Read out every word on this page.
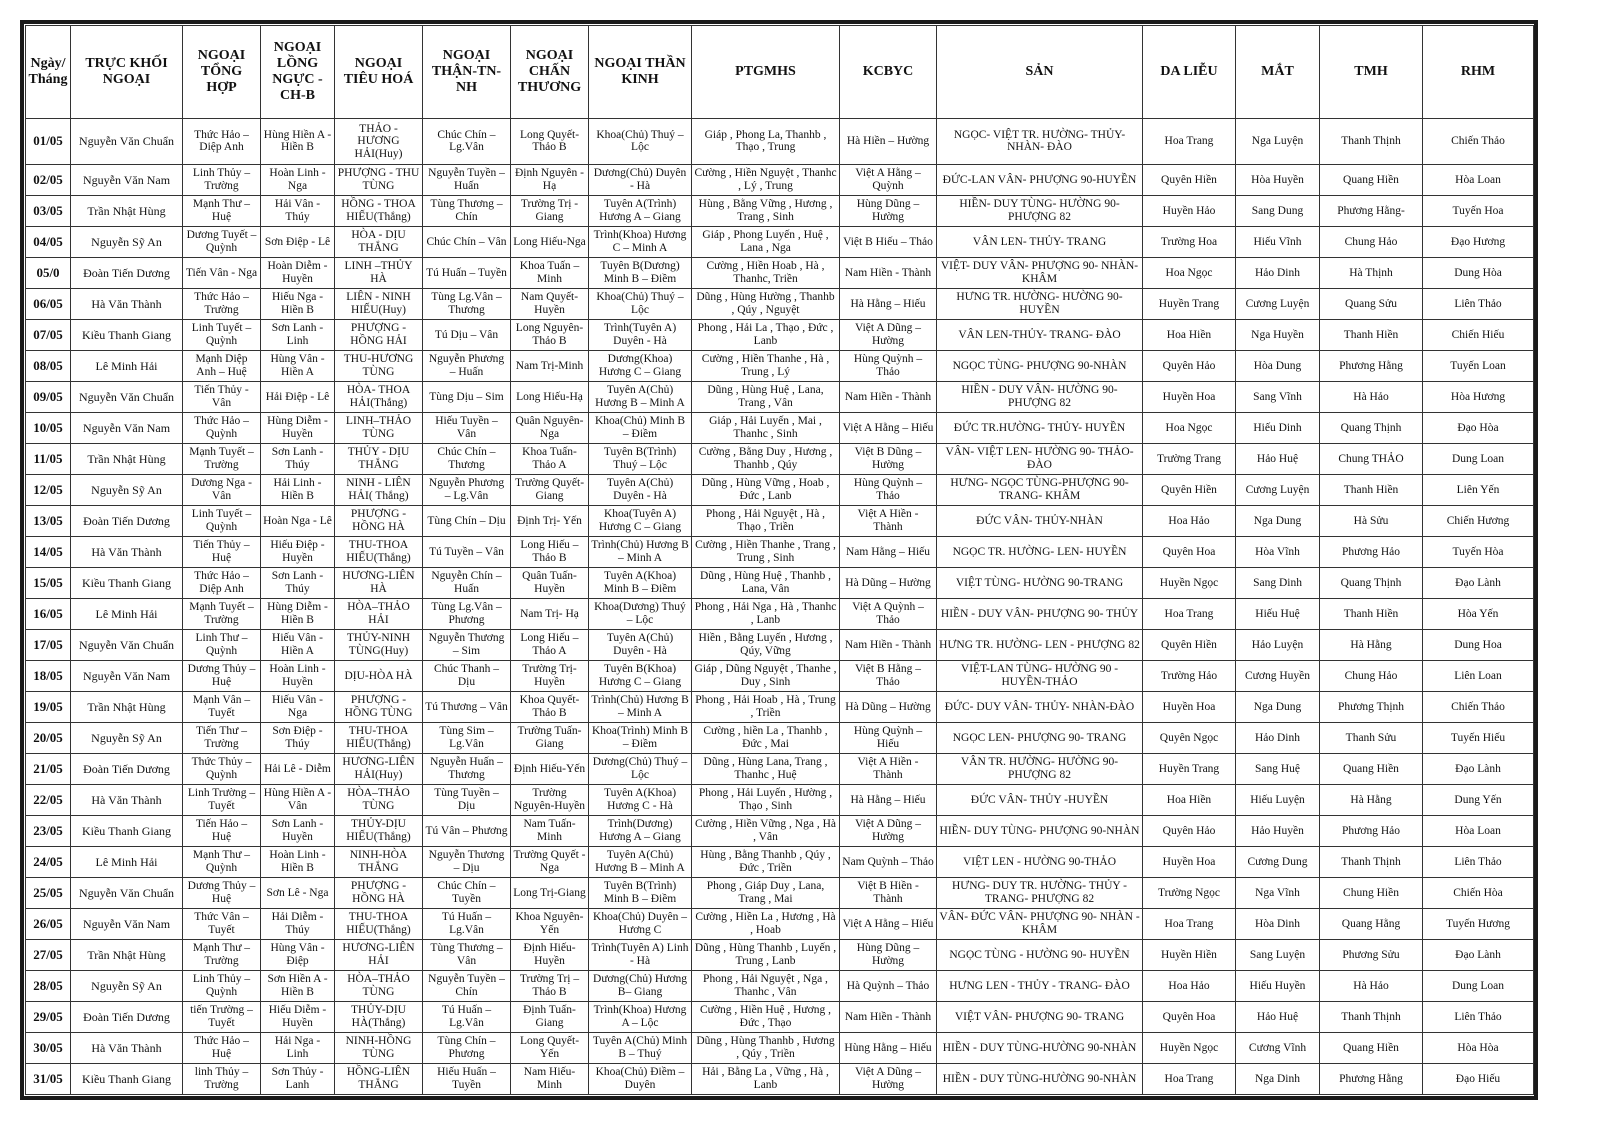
Ngày/ Tháng	TRỰC KHỐI NGOẠI	NGOẠI TỔNG HỢP	NGOẠI LỒNG NGỰC -CH-B	NGOẠI TIÊU HOÁ	NGOẠI THẬN-TN-NH	NGOẠI CHẤN THƯƠNG	NGOẠI THẦN KINH	PTGMHS	KCBYC	SẢN	DA LIỄU	MẮT	TMH	RHM
01/05	Nguyễn Văn Chuẩn	Thức Hảo – Diệp Anh	Hùng Hiền A - Hiền B	THẢO - HƯƠNG HẢI(Huy)	Chúc Chín – Lg.Vân	Long Quyết-Thảo B	Khoa(Chủ) Thuý – Lộc	Giáp , Phong La, Thanhb , Thạo , Trung	Hà Hiền – Hường	NGỌC- VIỆT TR. HƯỜNG- THỦY- NHÀN- ĐÀO	Hoa Trang	Nga Luyện	Thanh Thịnh	Chiến Thảo
02/05	Nguyễn Văn Nam	Linh Thủy – Trường	Hoàn Linh - Nga	PHƯỢNG - THU TÙNG	Nguyễn Tuyền – Huấn	Định Nguyên -Hạ	Dương(Chủ) Duyên - Hà	Cường , Hiền Nguyệt , Thanhc , Lý , Trung	Việt A Hằng – Quỳnh	ĐỨC-LAN VÂN- PHƯỢNG 90-HUYỀN	Quyên Hiền	Hòa Huyền	Quang Hiền	Hòa Loan
03/05	Trần Nhật Hùng	Mạnh Thư – Huệ	Hải Vân - Thúy	HỒNG - THOA HIẾU(Thắng)	Tùng Thương – Chín	Trường Trị -Giang	Tuyên A(Trình) Hương A – Giang	Hùng , Bằng Vững , Hương , Trang , Sinh	Hùng Dũng – Hường	HIỀN- DUY TÙNG- HƯỜNG 90- PHƯỢNG 82	Huyền Hảo	Sang Dung	Phương Hằng-	Tuyến Hoa
04/05	Nguyễn Sỹ An	Dương Tuyết – Quỳnh	Sơn Điệp - Lê	HÒA - DỊU THẮNG	Chúc Chín – Vân	Long Hiếu-Nga	Trình(Khoa) Hương C – Minh A	Giáp , Phong Luyến , Huệ , Lana , Nga	Việt B Hiếu – Thảo	VÂN LEN- THỦY- TRANG	Trường Hoa	Hiếu Vĩnh	Chung Hảo	Đạo Hương
05/0	Đoàn Tiến Dương	Tiến Vân - Nga	Hoàn Diễm - Huyền	LINH –THỦY HÀ	Tú Huấn – Tuyền	Khoa Tuấn – Minh	Tuyên B(Dương) Minh B – Điềm	Cường , Hiền Hoab , Hà , Thanhc, Triền	Nam Hiền - Thành	VIỆT- DUY VÂN- PHƯỢNG 90- NHÀN- KHÂM	Hoa Ngọc	Hảo Dinh	Hà Thịnh	Dung Hòa
06/05	Hà Văn Thành	Thức Hảo – Trường	Hiếu Nga - Hiền B	LIÊN - NINH HIẾU(Huy)	Tùng Lg.Vân – Thương	Nam Quyết-Huyền	Khoa(Chủ) Thuý – Lộc	Dũng , Hùng Hường , Thanhb , Qúy , Nguyệt	Hà Hằng – Hiếu	HƯNG TR. HƯỜNG- HƯỜNG 90-HUYỀN	Huyền Trang	Cương Luyện	Quang Sửu	Liên Thảo
07/05	Kiều Thanh Giang	Linh Tuyết – Quỳnh	Sơn Lanh - Linh	PHƯỢNG - HỒNG HẢI	Tú Dịu – Vân	Long Nguyên-Thảo B	Trình(Tuyên A) Duyên - Hà	Phong , Hải La , Thạo , Đức , Lanb	Việt A Dũng – Hường	VÂN LEN-THỦY- TRANG- ĐÀO	Hoa Hiền	Nga Huyền	Thanh Hiền	Chiến Hiếu
08/05	Lê Minh Hải	Mạnh Diệp Anh – Huệ	Hùng Vân - Hiền A	THU-HƯƠNG TÙNG	Nguyễn Phương – Huấn	Nam Trị-Minh	Dương(Khoa) Hương C – Giang	Cường , Hiền Thanhe , Hà , Trung , Lý	Hùng Quỳnh – Thảo	NGỌC TÙNG- PHƯỢNG 90-NHÀN	Quyên Hảo	Hòa Dung	Phương Hằng	Tuyến Loan
09/05	Nguyễn Văn Chuẩn	Tiến Thủy - Vân	Hải Điệp - Lê	HÒA- THOA HẢI(Thắng)	Tùng Dịu – Sim	Long Hiếu-Hạ	Tuyên A(Chủ) Hương B – Minh A	Dũng , Hùng Huệ , Lana, Trang , Vân	Nam Hiền - Thành	HIỀN - DUY VÂN- HƯỜNG 90- PHƯỢNG 82	Huyền Hoa	Sang Vĩnh	Hà Hảo	Hòa Hương
10/05	Nguyễn Văn Nam	Thức Hảo – Quỳnh	Hùng Diễm - Huyền	LINH–THẢO TÙNG	Hiếu Tuyền – Vân	Quân Nguyên- Nga	Khoa(Chủ) Minh B – Điềm	Giáp , Hải Luyến , Mai , Thanhc , Sinh	Việt A Hằng – Hiếu	ĐỨC TR.HƯỜNG- THỦY- HUYỀN	Hoa Ngọc	Hiếu Dinh	Quang Thịnh	Đạo Hòa
11/05	Trần Nhật Hùng	Mạnh Tuyết – Trường	Sơn Lanh - Thúy	THỦY - DỊU THẮNG	Chúc Chín – Thương	Khoa Tuấn-Thảo A	Tuyên B(Trình) Thuý – Lộc	Cường , Bằng Duy , Hương , Thanhb , Qúy	Việt B Dũng – Hường	VÂN- VIỆT LEN- HƯỜNG 90- THẢO-ĐÀO	Trường Trang	Hảo Huệ	Chung THẢO	Dung Loan
12/05	Nguyễn Sỹ An	Dương Nga - Vân	Hải Linh - Hiền B	NINH - LIÊN HẢI( Thắng)	Nguyễn Phương – Lg.Vân	Trường Quyết- Giang	Tuyên A(Chủ) Duyên - Hà	Dũng , Hùng Vững , Hoab , Đức , Lanb	Hùng Quỳnh – Thảo	HƯNG- NGỌC TÙNG-PHƯỢNG 90-TRANG- KHÂM	Quyên Hiền	Cương Luyện	Thanh Hiền	Liên Yến
13/05	Đoàn Tiến Dương	Linh Tuyết – Quỳnh	Hoàn Nga - Lê	PHƯỢNG - HỒNG HÀ	Tùng Chín – Dịu	Định Trị- Yến	Khoa(Tuyên A) Hương C – Giang	Phong , Hải Nguyệt , Hà , Thạo , Triền	Việt A Hiền - Thành	ĐỨC VÂN- THỦY-NHÀN	Hoa Hảo	Nga Dung	Hà Sửu	Chiến Hương
14/05	Hà Văn Thành	Tiến Thủy – Huệ	Hiếu Điệp - Huyền	THU-THOA HIẾU(Thắng)	Tú Tuyền – Vân	Long Hiếu – Thảo B	Trình(Chủ) Hương B – Minh A	Cường , Hiền Thanhe , Trang , Trung , Sinh	Nam Hằng – Hiếu	NGỌC TR. HƯỜNG- LEN- HUYỀN	Quyên Hoa	Hòa Vĩnh	Phương Hảo	Tuyến Hòa
15/05	Kiều Thanh Giang	Thức Hảo – Diệp Anh	Sơn Lanh - Thúy	HƯƠNG-LIÊN HÀ	Nguyễn Chín – Huấn	Quân Tuấn-Huyền	Tuyên A(Khoa) Minh B – Điềm	Dũng , Hùng Huệ , Thanhb , Lana, Vân	Hà Dũng – Hường	VIỆT TÙNG- HƯỜNG 90-TRANG	Huyền Ngọc	Sang Dinh	Quang Thịnh	Đạo Lành
16/05	Lê Minh Hải	Mạnh Tuyết – Trường	Hùng Diễm - Hiền B	HÒA–THẢO HẢI	Tùng Lg.Vân – Phương	Nam Trị- Hạ	Khoa(Dương) Thuý – Lộc	Phong , Hải Nga , Hà , Thanhc , Lanb	Việt A Quỳnh – Thảo	HIỀN - DUY VÂN- PHƯỢNG 90- THỦY	Hoa Trang	Hiếu Huệ	Thanh Hiền	Hòa Yến
17/05	Nguyễn Văn Chuẩn	Linh Thư – Quỳnh	Hiếu Vân - Hiền A	THỦY-NINH TÙNG(Huy)	Nguyễn Thương – Sim	Long Hiếu – Thảo A	Tuyên A(Chủ) Duyên - Hà	Hiền , Bằng Luyến , Hương , Qúy, Vững	Nam Hiền - Thành	HƯNG TR. HƯỜNG- LEN - PHƯỢNG 82	Quyên Hiền	Hảo Luyện	Hà Hằng	Dung Hoa
18/05	Nguyễn Văn Nam	Dương Thủy – Huệ	Hoàn Linh - Huyền	DỊU-HÒA HÀ	Chúc Thanh – Dịu	Trường Trị-Huyền	Tuyên B(Khoa) Hương C – Giang	Giáp , Dũng Nguyệt , Thanhe , Duy , Sinh	Việt B Hằng – Thảo	VIỆT-LAN TÙNG- HƯỜNG 90 - HUYỀN-THẢO	Trường Hảo	Cương Huyền	Chung Hảo	Liên Loan
19/05	Trần Nhật Hùng	Mạnh Vân – Tuyết	Hiếu Vân - Nga	PHƯỢNG - HỒNG TÙNG	Tú Thương – Vân	Khoa Quyết-Thảo B	Trình(Chủ) Hương B – Minh A	Phong , Hải Hoab , Hà , Trung , Triền	Hà Dũng – Hường	ĐỨC- DUY VÂN- THỦY- NHÀN-ĐÀO	Huyền Hoa	Nga Dung	Phương Thịnh	Chiến Thảo
20/05	Nguyễn Sỹ An	Tiến Thư – Trường	Sơn Điệp - Thúy	THU-THOA HIẾU(Thắng)	Tùng Sim – Lg.Vân	Trường Tuấn-Giang	Khoa(Trình) Minh B – Điềm	Cường , hiền La , Thanhb , Đức , Mai	Hùng Quỳnh – Hiếu	NGỌC LEN- PHƯỢNG 90- TRANG	Quyên Ngọc	Hảo Dinh	Thanh Sửu	Tuyến Hiếu
21/05	Đoàn Tiến Dương	Thức Thủy – Quỳnh	Hải Lê - Diễm	HƯƠNG-LIÊN HẢI(Huy)	Nguyễn Huấn – Thương	Định Hiếu-Yến	Dương(Chủ) Thuý – Lộc	Dũng , Hùng Lana, Trang , Thanhc , Huệ	Việt A Hiền - Thành	VÂN TR. HƯỜNG- HƯỜNG 90- PHƯỢNG 82	Huyền Trang	Sang Huệ	Quang Hiền	Đạo Lành
22/05	Hà Văn Thành	Linh Trường – Tuyết	Hùng Hiền A - Vân	HÒA–THẢO TÙNG	Tùng Tuyền – Dịu	Trường Nguyên-Huyền	Tuyên A(Khoa) Hương C - Hà	Phong , Hải Luyến , Hường , Thạo , Sinh	Hà Hằng – Hiếu	ĐỨC VÂN- THỦY -HUYỀN	Hoa Hiền	Hiếu Luyện	Hà Hằng	Dung Yến
23/05	Kiều Thanh Giang	Tiến Hảo – Huệ	Sơn Lanh - Huyền	THỦY-DỊU HIẾU(Thắng)	Tú Vân – Phương	Nam Tuấn-Minh	Trình(Dương) Hương A – Giang	Cường , Hiền Vững , Nga , Hà , Vân	Việt A Dũng – Hường	HIỀN- DUY TÙNG- PHƯỢNG 90-NHÀN	Quyên Hảo	Hảo Huyền	Phương Hảo	Hòa Loan
24/05	Lê Minh Hải	Mạnh Thư – Quỳnh	Hoàn Linh - Hiền B	NINH-HÒA THẮNG	Nguyễn Thương – Dịu	Trường Quyết - Nga	Tuyên A(Chủ) Hương B – Minh A	Hùng , Bằng Thanhb , Qúy , Đức , Triền	Nam Quỳnh – Thảo	VIỆT LEN - HƯỜNG 90-THẢO	Huyền Hoa	Cương Dung	Thanh Thịnh	Liên Thảo
25/05	Nguyễn Văn Chuẩn	Dương Thủy – Huệ	Sơn Lê - Nga	PHƯỢNG - HỒNG HÀ	Chúc Chín – Tuyền	Long Trị-Giang	Tuyên B(Trình) Minh B – Điềm	Phong , Giáp Duy , Lana, Trang , Mai	Việt B Hiền - Thành	HƯNG- DUY TR. HƯỜNG- THỦY - TRANG- PHƯỢNG 82	Trường Ngọc	Nga Vĩnh	Chung Hiền	Chiến Hòa
26/05	Nguyễn Văn Nam	Thức Vân – Tuyết	Hải Diễm - Thúy	THU-THOA HIẾU(Thắng)	Tú Huấn – Lg.Vân	Khoa Nguyên- Yến	Khoa(Chủ) Duyên – Hương C	Cường , Hiền La , Hương , Hà , Hoab	Việt A Hằng – Hiếu	VÂN- ĐỨC VÂN- PHƯỢNG 90- NHÀN - KHÂM	Hoa Trang	Hòa Dinh	Quang Hằng	Tuyến Hương
27/05	Trần Nhật Hùng	Mạnh Thư – Trường	Hùng Vân - Điệp	HƯƠNG-LIÊN HẢI	Tùng Thương – Vân	Định Hiếu-Huyền	Trình(Tuyên A) Linh - Hà	Dũng , Hùng Thanhb , Luyến , Trung , Lanb	Hùng Dũng – Hường	NGỌC TÙNG - HƯỜNG 90- HUYỀN	Huyền Hiền	Sang Luyện	Phương Sửu	Đạo Lành
28/05	Nguyễn Sỹ An	Linh Thủy – Quỳnh	Sơn Hiền A - Hiền B	HÒA–THẢO TÙNG	Nguyễn Tuyền – Chín	Trường Trị – Thảo B	Dương(Chủ) Hương B– Giang	Phong , Hải Nguyệt , Nga , Thanhc , Vân	Hà Quỳnh – Thảo	HƯNG LEN - THỦY - TRANG- ĐÀO	Hoa Hảo	Hiếu Huyền	Hà Hảo	Dung Loan
29/05	Đoàn Tiến Dương	tiến Trường – Tuyết	Hiếu Diễm - Huyền	THỦY-DỊU HÀ(Thắng)	Tú Huấn – Lg.Vân	Định Tuấn-Giang	Trình(Khoa) Hương A – Lộc	Cường , Hiền Huệ , Hương , Đức , Thạo	Nam Hiền - Thành	VIỆT VÂN- PHƯỢNG 90- TRANG	Quyên Hoa	Hảo Huệ	Thanh Thịnh	Liên Thảo
30/05	Hà Văn Thành	Thức Hảo – Huệ	Hải Nga - Linh	NINH-HỒNG TÙNG	Tùng Chín – Phương	Long Quyết-Yến	Tuyên A(Chủ) Minh B – Thuý	Dũng , Hùng Thanhb , Hương , Qúy , Triền	Hùng Hằng – Hiếu	HIỀN - DUY TÙNG-HƯỜNG 90-NHÀN	Huyền Ngọc	Cương Vĩnh	Quang Hiền	Hòa Hòa
31/05	Kiều Thanh Giang	linh Thủy – Trường	Sơn Thủy - Lanh	HỒNG-LIÊN THẮNG	Hiếu Huấn – Tuyền	Nam Hiếu-Minh	Khoa(Chủ) Điềm – Duyên	Hải , Bằng La , Vững , Hà , Lanb	Việt A Dũng – Hường	HIỀN - DUY TÙNG-HƯỜNG 90-NHÀN	Hoa Trang	Nga Dinh	Phương Hằng	Đạo Hiếu
